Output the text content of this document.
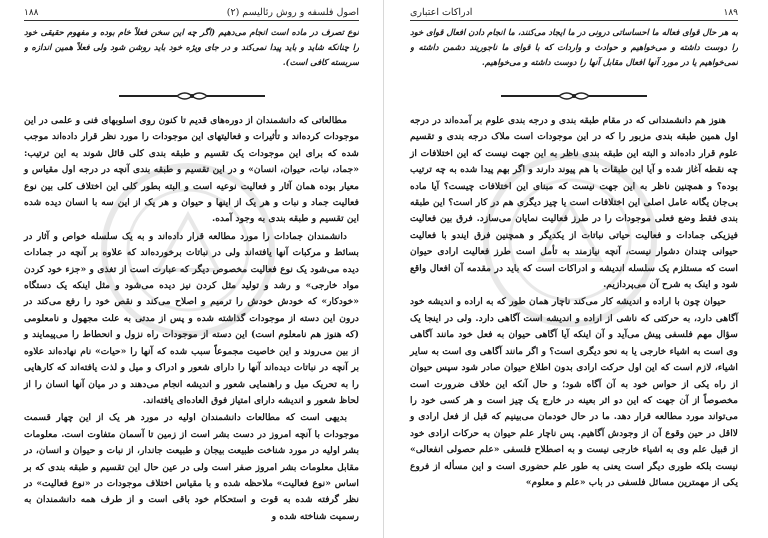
۱۸۸	اصول فلسفه و روش رئالیسم (۲)
نوع تصرف در ماده است انجام می‌دهیم (اگر چه این سخن فعلاً خام بوده و مفهوم حقیقی خود را چنانکه شاید و باید پیدا نمی‌کند و در جای ویژه خود باید روشن شود ولی فعلاً همین اندازه و سربسته کافی است).

مطالعاتی که دانشمندان از دوره‌های قدیم تا کنون روی اسلوبهای فنی و علمی در این موجودات کرده‌اند و تأثیرات و فعالیتهای این موجودات را مورد نظر قرار داده‌اند موجب شده که برای این موجودات یک تقسیم و طبقه بندی کلی قائل شوند به این ترتیب: «جماد، نبات، حیوان، انسان» و در این تقسیم و طبقه بندی آنچه در درجه اول مقیاس و معیار بوده همان آثار و فعالیت نوعیه است و البته بطور کلی این اختلاف کلی بین نوع فعالیت جماد و نبات و هر یک از اینها و حیوان و هر یک از این سه با انسان دیده شده این تقسیم و طبقه بندی به وجود آمده.

دانشمندان جمادات را مورد مطالعه قرار داده‌اند و به یک سلسله خواص و آثار در بسائط و مرکبات آنها یافته‌اند ولی در نباتات برخورده‌اند که علاوه بر آنچه در جمادات دیده می‌شود یک نوع فعالیت مخصوص دیگر که عبارت است از تغذی و «جزء خود کردن مواد خارجی» و رشد و تولید مثل کردن نیز دیده می‌شود و مثل اینکه یک دستگاه «خودکار» که خودش خودش را ترمیم و اصلاح می‌کند و نقص خود را رفع می‌کند در درون این دسته از موجودات گذاشته شده و پس از مدتی به علت مجهول و نامعلومی (که هنوز هم نامعلوم است) این دسته از موجودات راه نزول و انحطاط را می‌پیمایند و از بین می‌روند و این خاصیت مجموعاً سبب شده که آنها را «حیات» نام نهاده‌اند علاوه بر آنچه در نباتات دیده‌اند آنها را دارای شعور و ادراک و میل و لذت یافته‌اند که کارهایی را به تحریک میل و راهنمایی شعور و اندیشه انجام می‌دهند و در میان آنها انسان را از لحاظ شعور و اندیشه دارای امتیاز فوق العاده‌ای یافته‌اند.

بدیهی است که مطالعات دانشمندان اولیه در مورد هر یک از این چهار قسمت موجودات با آنچه امروز در دست بشر است از زمین تا آسمان متفاوت است. معلومات بشر اولیه در مورد شناخت طبیعت بیجان و طبیعت جاندار، از نبات و حیوان و انسان، در مقابل معلومات بشر امروز صفر است ولی در عین حال این تقسیم و طبقه بندی که بر اساس «نوع فعالیت» ملاحظه شده و با مقیاس اختلاف موجودات در «نوع فعالیت» در نظر گرفته شده به قوت و استحکام خود باقی است و از طرف همه دانشمندان به رسمیت شناخته شده و

ادراکات اعتباری	۱۸۹
به هر حال قوای فعاله ما احساساتی درونی در ما ایجاد می‌کنند، ما انجام دادن افعال قوای خود را دوست داشته و می‌خواهیم و حوادث و واردات که با قوای ما ناجوریند دشمن داشته و نمی‌خواهیم یا در مورد آنها افعال مقابل آنها را دوست داشته و می‌خواهیم.

هنوز هم دانشمندانی که در مقام طبقه بندی و درجه بندی علوم بر آمده‌اند در درجه اول همین طبقه بندی مزبور را که در این موجودات است ملاک درجه بندی و تقسیم علوم قرار داده‌اند و البته این طبقه بندی ناظر به این جهت نیست که این اختلافات از چه نقطه آغاز شده و آیا این طبقات با هم پیوند دارند و اگر بهم پیدا شده به چه ترتیب بوده؟ و همچنین ناظر به این جهت نیست که مبنای این اختلافات چیست؟ آیا ماده بی‌جان یگانه عامل اصلی این اختلافات است یا چیز دیگری هم در کار است؟ این طبقه بندی فقط وضع فعلی موجودات را در طرز فعالیت نمایان می‌سازد. فرق بین فعالیت فیزیکی جمادات و فعالیت حیاتی نباتات از یکدیگر و همچنین فرق ایندو با فعالیت حیوانی چندان دشوار نیست، آنچه نیازمند به تأمل است طرز فعالیت ارادی حیوان است که مستلزم یک سلسله اندیشه و ادراکات است که باید در مقدمه آن افعال واقع شود و اینک به شرح آن می‌پردازیم.

حیوان چون با اراده و اندیشه کار می‌کند ناچار همان طور که به اراده و اندیشه خود آگاهی دارد، به حرکتی که ناشی از اراده و اندیشه است آگاهی دارد. ولی در اینجا یک سؤال مهم فلسفی پیش می‌آید و آن اینکه آیا آگاهی حیوان به فعل خود مانند آگاهی وی است به اشیاء خارجی یا به نحو دیگری است؟ و اگر مانند آگاهی وی است به سایر اشیاء، لازم است که این اول حرکت ارادی بدون اطلاع حیوان صادر شود سپس حیوان از راه یکی از حواس خود به آن آگاه شود؛ و حال آنکه این خلاف ضرورت است مخصوصاً از آن جهت که این دو اثر بعینه در خارج یک چیز است و هر کسی خود را می‌تواند مورد مطالعه قرار دهد. ما در حال خودمان می‌بینیم که قبل از فعل ارادی و لااقل در حین وقوع آن از وجودش آگاهیم. پس ناچار علم حیوان به حرکات ارادی خود از قبیل علم وی به اشیاء خارجی نیست و به اصطلاح فلسفی «علم حصولی انفعالی» نیست بلکه طوری دیگر است یعنی به طور علم حضوری است و این مسأله از فروع یکی از مهمترین مسائل فلسفی در باب «علم و معلوم»
